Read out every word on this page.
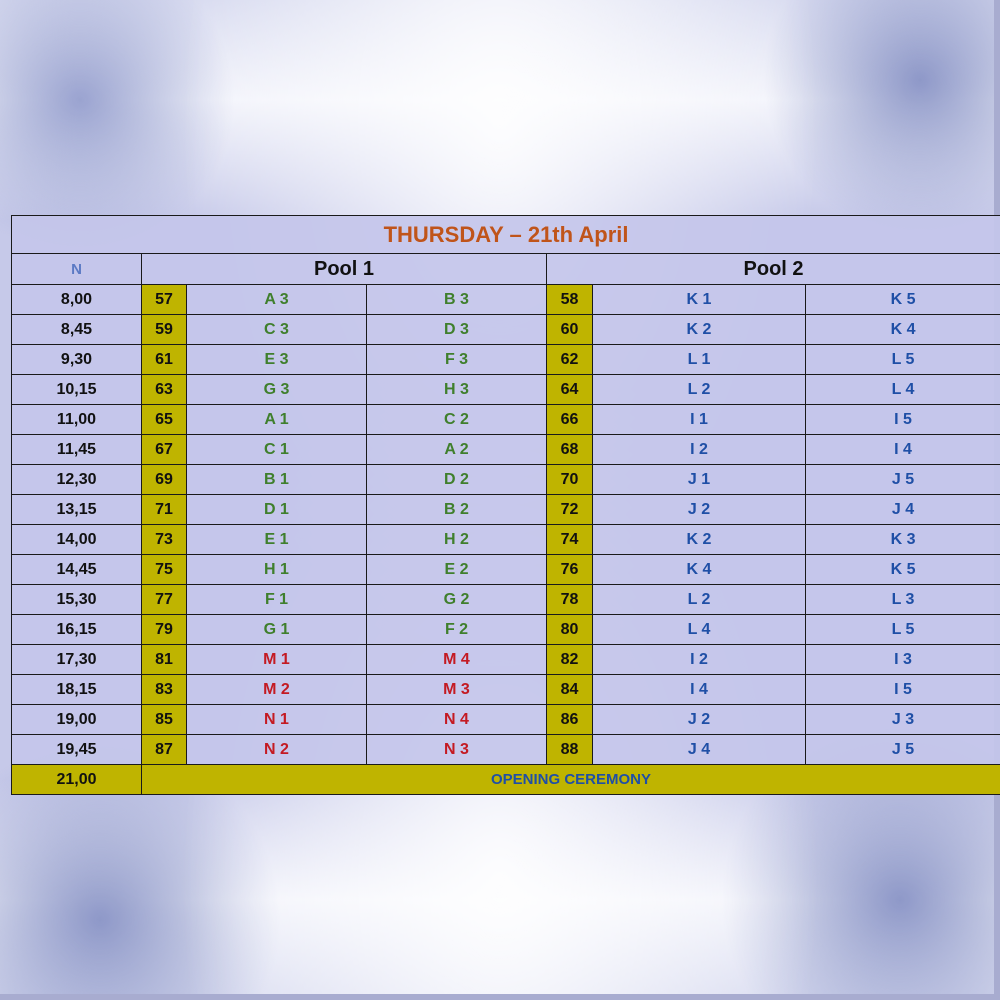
THURSDAY – 21th April						
N	Pool 1			Pool 2		
8,00	57	A 3	B 3	58	K 1	K 5
8,45	59	C 3	D 3	60	K 2	K 4
9,30	61	E 3	F 3	62	L 1	L 5
10,15	63	G 3	H 3	64	L 2	L 4
11,00	65	A 1	C 2	66	I 1	I 5
11,45	67	C 1	A 2	68	I 2	I 4
12,30	69	B 1	D 2	70	J 1	J 5
13,15	71	D 1	B 2	72	J 2	J 4
14,00	73	E 1	H 2	74	K 2	K 3
14,45	75	H 1	E 2	76	K 4	K 5
15,30	77	F 1	G 2	78	L 2	L 3
16,15	79	G 1	F 2	80	L 4	L 5
17,30	81	M 1	M 4	82	I 2	I 3
18,15	83	M 2	M 3	84	I 4	I 5
19,00	85	N 1	N 4	86	J 2	J 3
19,45	87	N 2	N 3	88	J 4	J 5
21,00	OPENING CEREMONY					
